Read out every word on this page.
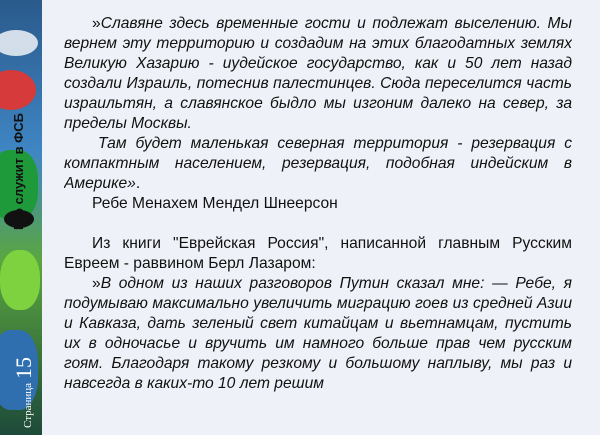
Кто служит в ФСБ
Страница 15

»Славяне здесь временные гости и подлежат выселению. Мы вернем эту территорию и создадим на этих благодатных землях Великую Хазарию - иудейское государство, как и 50 лет назад создали Израиль, потеснив палестинцев. Сюда переселится часть израильтян, а славянское быдло мы изгоним далеко на север, за пределы Москвы.

Там будет маленькая северная территория - резервация с компактным населением, резервация, подобная индейским в Америке».

Ребе Менахем Мендел Шнеерсон

Из книги "Еврейская Россия", написанной главным Русским Евреем - раввином Берл Лазаром:

»В одном из наших разговоров Путин сказал мне: — Ребе, я подумываю максимально увеличить миграцию гоев из средней Азии и Кавказа, дать зеленый свет китайцам и вьетнамцам, пустить их в одночасье и вручить им намного больше прав чем русским гоям. Благодаря такому резкому и большому наплыву, мы раз и навсегда в каких-то 10 лет решим
